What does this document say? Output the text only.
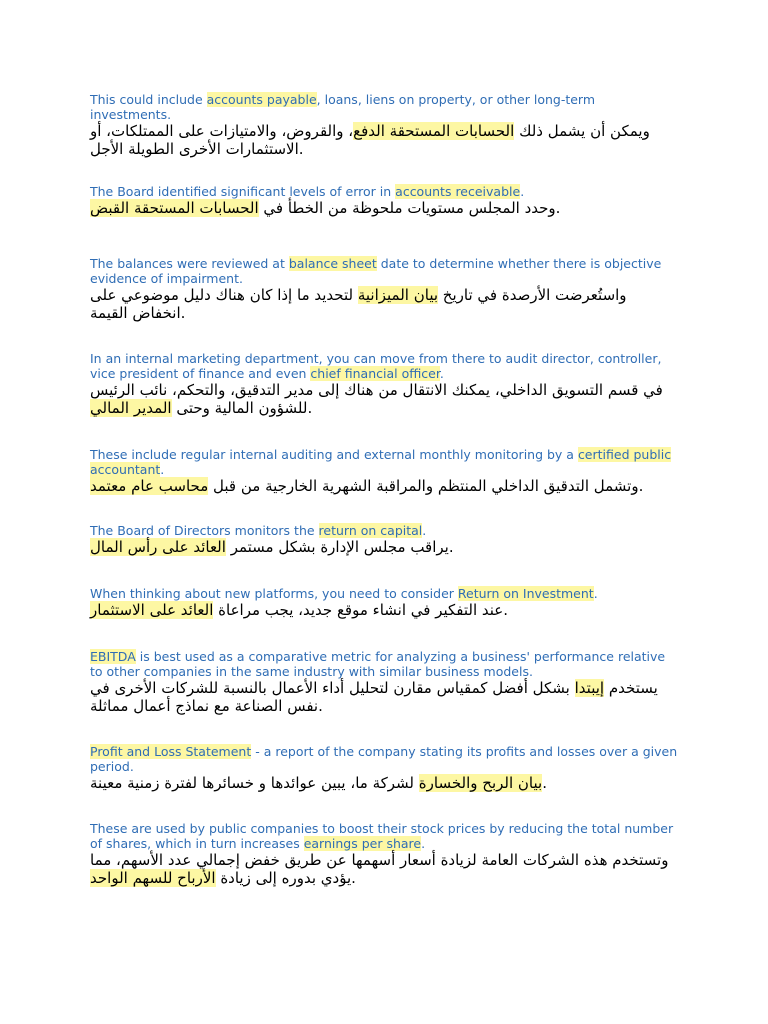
This could include accounts payable, loans, liens on property, or other long-term investments.

ويمكن أن يشمل ذلك الحسابات المستحقة الدفع، والقروض، والامتيازات على الممتلكات، أو الاستثمارات الأخرى الطويلة الأجل.

The Board identified significant levels of error in accounts receivable.

وحدد المجلس مستويات ملحوظة من الخطأ في الحسابات المستحقة القبض	.

The balances were reviewed at balance sheet date to determine whether there is objective evidence of impairment.

واستُعرضت الأرصدة في تاريخ بيان الميزانية لتحديد ما إذا كان هناك دليل موضوعي على انخفاض القيمة.

In an internal marketing department, you can move from there to audit director, controller, vice president of finance and even chief financial officer.

في قسم التسويق الداخلي، يمكنك الانتقال من هناك إلى مدير التدقيق، والتحكم، نائب الرئيس للشؤون المالية وحتى المدير المالي	.

These include regular internal auditing and external monthly monitoring by a certified public accountant.

وتشمل التدقيق الداخلي المنتظم والمراقبة الشهرية الخارجية من قبل محاسب عام معتمد	.

The Board of Directors monitors the return on capital.

يراقب مجلس الإدارة بشكل مستمر العائد على رأس المال	.

When thinking about new platforms, you need to consider Return on Investment.

عند التفكير في انشاء موقع جديد، يجب مراعاة العائد على الاستثمار	.

EBITDA is best used as a comparative metric for analyzing a business' performance relative to other companies in the same industry with similar business models.

يستخدم إيبتدا بشكل أفضل كمقياس مقارن لتحليل أداء الأعمال بالنسبة للشركات الأخرى في نفس الصناعة مع نماذج أعمال مماثلة.

Profit and Loss Statement - a report of the company stating its profits and losses over a given period.

بيان الربح والخسارة لشركة ما، يبين عوائدها و خسائرها لفترة زمنية معينة.

These are used by public companies to boost their stock prices by reducing the total number of shares, which in turn increases earnings per share.

وتستخدم هذه الشركات العامة لزيادة أسعار أسهمها عن طريق خفض إجمالي عدد الأسهم، مما يؤدي بدوره إلى زيادة الأرباح للسهم الواحد	.
